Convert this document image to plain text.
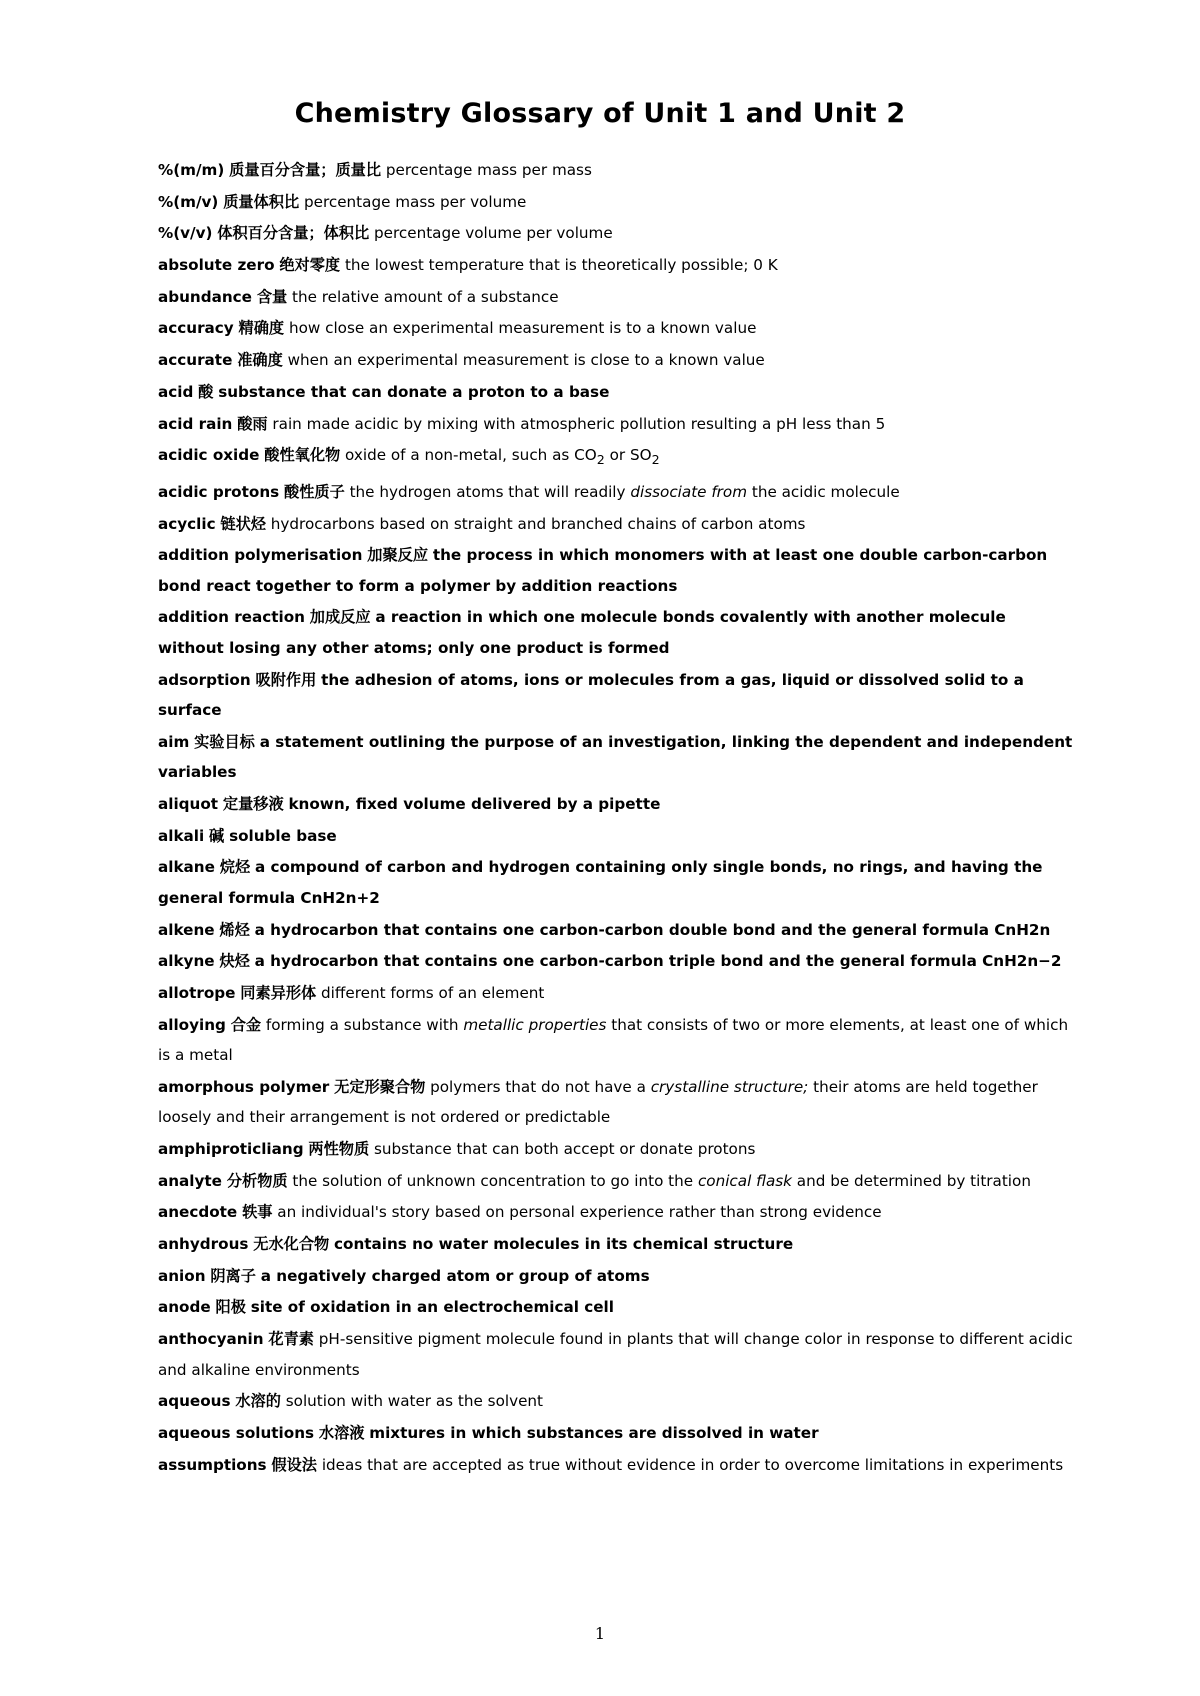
Chemistry Glossary of Unit 1 and Unit 2
%(m/m) 质量百分含量；质量比 percentage mass per mass
%(m/v) 质量体积比 percentage mass per volume
%(v/v) 体积百分含量；体积比 percentage volume per volume
absolute zero 绝对零度 the lowest temperature that is theoretically possible; 0 K
abundance 含量 the relative amount of a substance
accuracy 精确度 how close an experimental measurement is to a known value
accurate 准确度 when an experimental measurement is close to a known value
acid 酸 substance that can donate a proton to a base
acid rain 酸雨 rain made acidic by mixing with atmospheric pollution resulting a pH less than 5
acidic oxide 酸性氧化物 oxide of a non-metal, such as $CO_2$ or $SO_2$
acidic protons 酸性质子 the hydrogen atoms that will readily dissociate from the acidic molecule
acyclic 链状烃 hydrocarbons based on straight and branched chains of carbon atoms
addition polymerisation 加聚反应 the process in which monomers with at least one double carbon-carbon bond react together to form a polymer by addition reactions
addition reaction 加成反应 a reaction in which one molecule bonds covalently with another molecule without losing any other atoms; only one product is formed
adsorption 吸附作用 the adhesion of atoms, ions or molecules from a gas, liquid or dissolved solid to a surface
aim 实验目标 a statement outlining the purpose of an investigation, linking the dependent and independent variables
aliquot 定量移液 known, fixed volume delivered by a pipette
alkali 碱 soluble base
alkane 烷烃 a compound of carbon and hydrogen containing only single bonds, no rings, and having the general formula CnH2n+2
alkene 烯烃 a hydrocarbon that contains one carbon-carbon double bond and the general formula CnH2n
alkyne 炔烃 a hydrocarbon that contains one carbon-carbon triple bond and the general formula CnH2n−2
allotrope 同素异形体 different forms of an element
alloying 合金 forming a substance with metallic properties that consists of two or more elements, at least one of which is a metal
amorphous polymer 无定形聚合物 polymers that do not have a crystalline structure; their atoms are held together loosely and their arrangement is not ordered or predictable
amphiproticliang 两性物质 substance that can both accept or donate protons
analyte 分析物质 the solution of unknown concentration to go into the conical flask and be determined by titration
anecdote 轶事 an individual's story based on personal experience rather than strong evidence
anhydrous 无水化合物 contains no water molecules in its chemical structure
anion 阴离子 a negatively charged atom or group of atoms
anode 阳极 site of oxidation in an electrochemical cell
anthocyanin 花青素 pH-sensitive pigment molecule found in plants that will change color in response to different acidic and alkaline environments
aqueous 水溶的 solution with water as the solvent
aqueous solutions 水溶液 mixtures in which substances are dissolved in water
assumptions 假设法 ideas that are accepted as true without evidence in order to overcome limitations in experiments
1
